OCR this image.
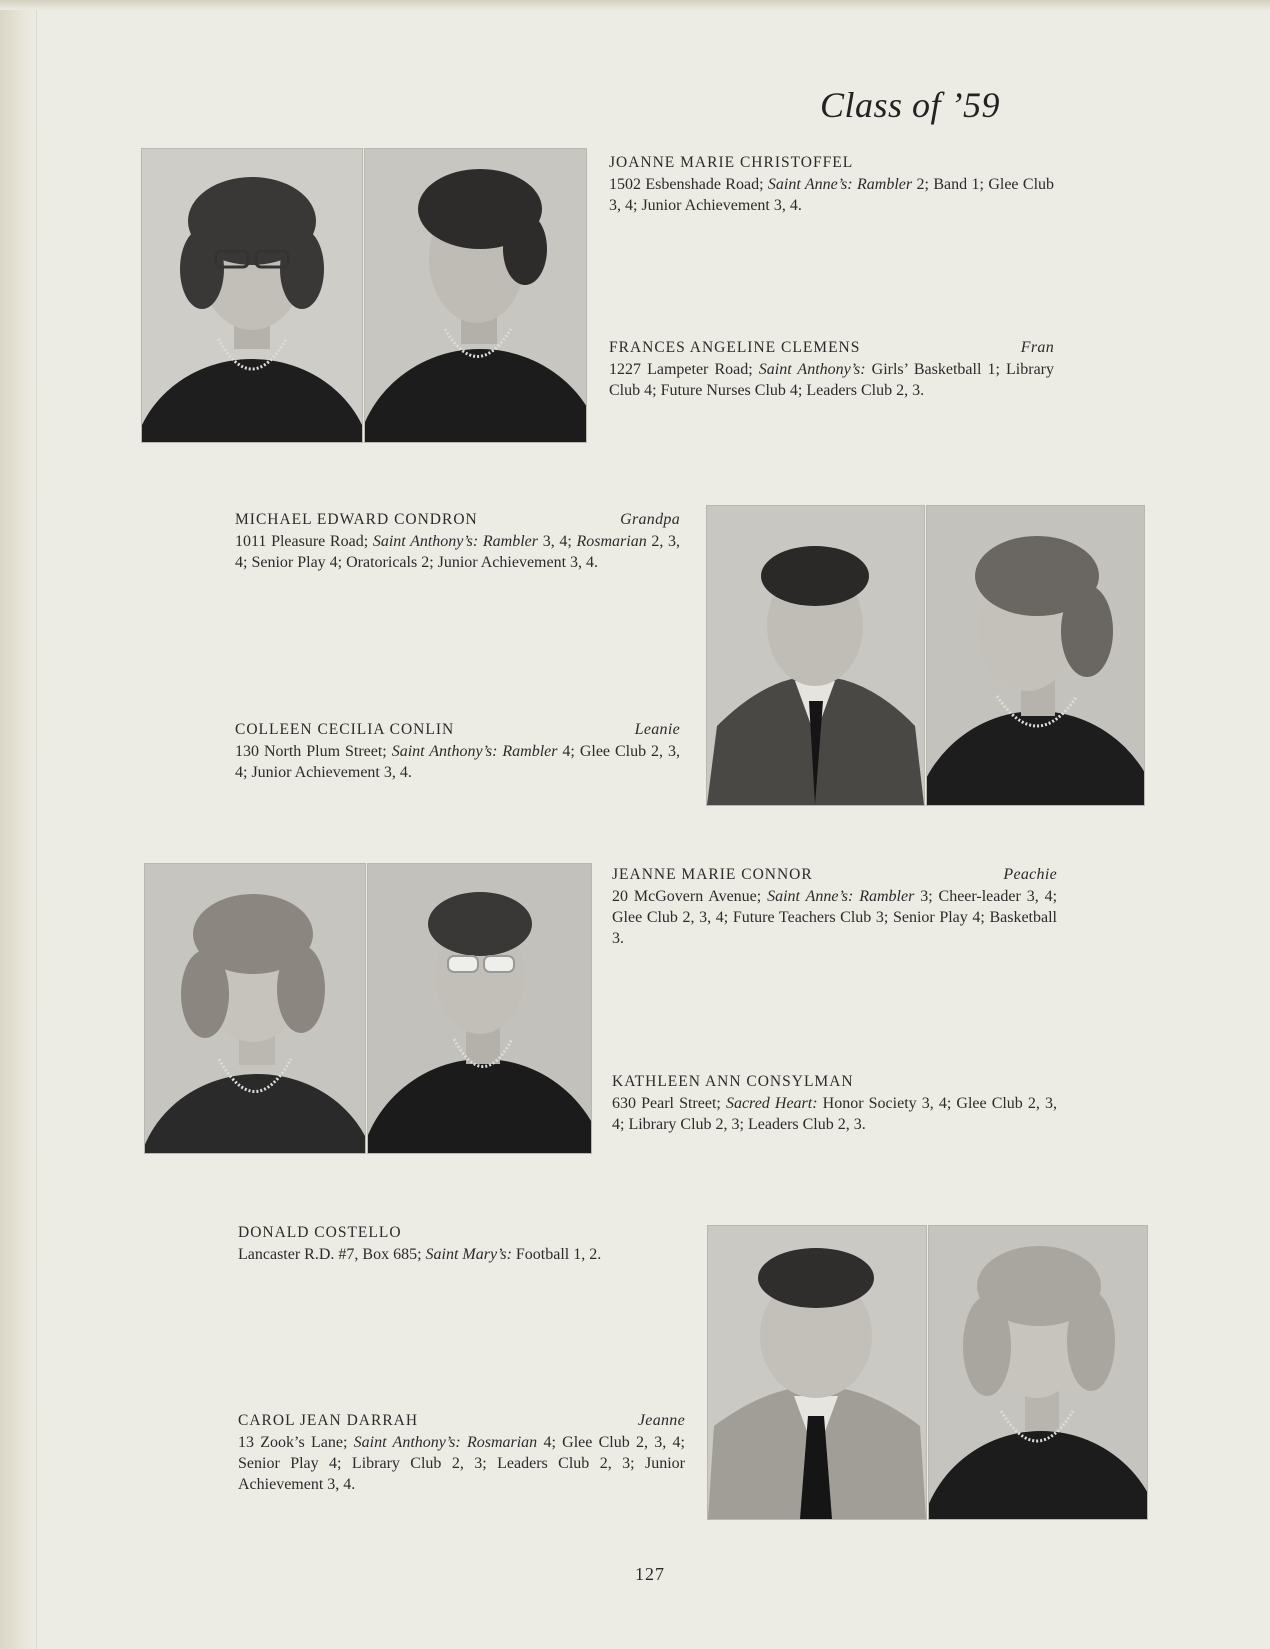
Class of ’59
JOANNE MARIE CHRISTOFFEL
1502 Esbenshade Road; Saint Anne’s: Rambler 2; Band 1; Glee Club 3, 4; Junior Achievement 3, 4.
FRANCES ANGELINE CLEMENS	Fran
1227 Lampeter Road; Saint Anthony’s: Girls’ Basketball 1; Library Club 4; Future Nurses Club 4; Leaders Club 2, 3.
MICHAEL EDWARD CONDRON	Grandpa
1011 Pleasure Road; Saint Anthony’s: Rambler 3, 4; Rosmarian 2, 3, 4; Senior Play 4; Oratoricals 2; Junior Achievement 3, 4.
COLLEEN CECILIA CONLIN	Leanie
130 North Plum Street; Saint Anthony’s: Rambler 4; Glee Club 2, 3, 4; Junior Achievement 3, 4.
JEANNE MARIE CONNOR	Peachie
20 McGovern Avenue; Saint Anne’s: Rambler 3; Cheer-leader 3, 4; Glee Club 2, 3, 4; Future Teachers Club 3; Senior Play 4; Basketball 3.
KATHLEEN ANN CONSYLMAN
630 Pearl Street; Sacred Heart: Honor Society 3, 4; Glee Club 2, 3, 4; Library Club 2, 3; Leaders Club 2, 3.
DONALD COSTELLO
Lancaster R.D. #7, Box 685; Saint Mary’s: Football 1, 2.
CAROL JEAN DARRAH	Jeanne
13 Zook’s Lane; Saint Anthony’s: Rosmarian 4; Glee Club 2, 3, 4; Senior Play 4; Library Club 2, 3; Leaders Club 2, 3; Junior Achievement 3, 4.
127
